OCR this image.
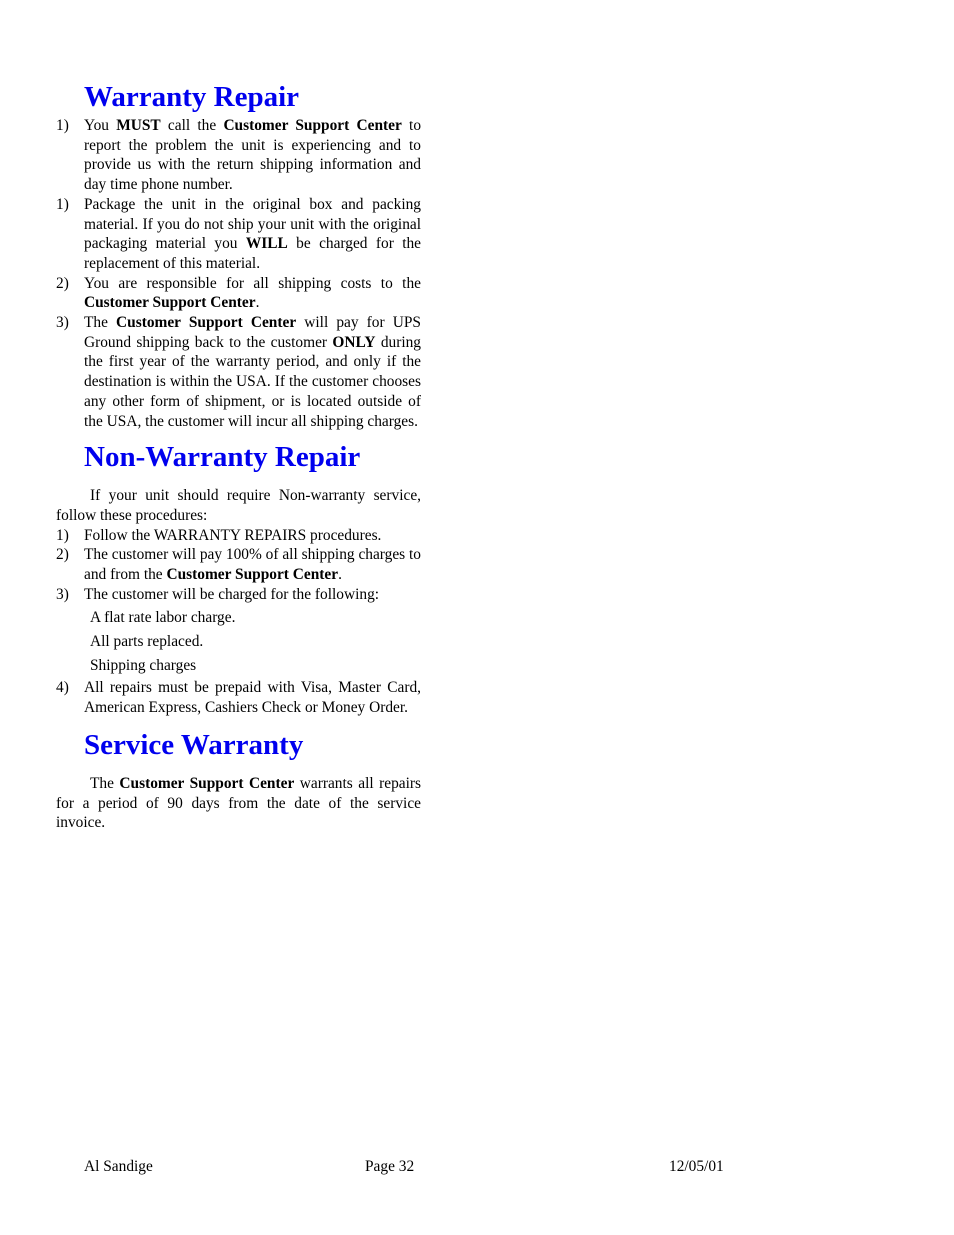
Warranty Repair
1) You MUST call the Customer Support Center to report the problem the unit is experiencing and to provide us with the return shipping information and day time phone number.
1) Package the unit in the original box and packing material. If you do not ship your unit with the original packaging material you WILL be charged for the replacement of this material.
2) You are responsible for all shipping costs to the Customer Support Center.
3) The Customer Support Center will pay for UPS Ground shipping back to the customer ONLY during the first year of the warranty period, and only if the destination is within the USA. If the customer chooses any other form of shipment, or is located outside of the USA, the customer will incur all shipping charges.
Non-Warranty Repair

If your unit should require Non-warranty service, follow these procedures:

1) Follow the WARRANTY REPAIRS procedures.
2) The customer will pay 100% of all shipping charges to and from the Customer Support Center.
3) The customer will be charged for the following:

A flat rate labor charge.

All parts replaced.

Shipping charges

4) All repairs must be prepaid with Visa, Master Card, American Express, Cashiers Check or Money Order.
Service Warranty

The Customer Support Center warrants all repairs for a period of 90 days from the date of the service invoice.

Al Sandige	Page 32	12/05/01
